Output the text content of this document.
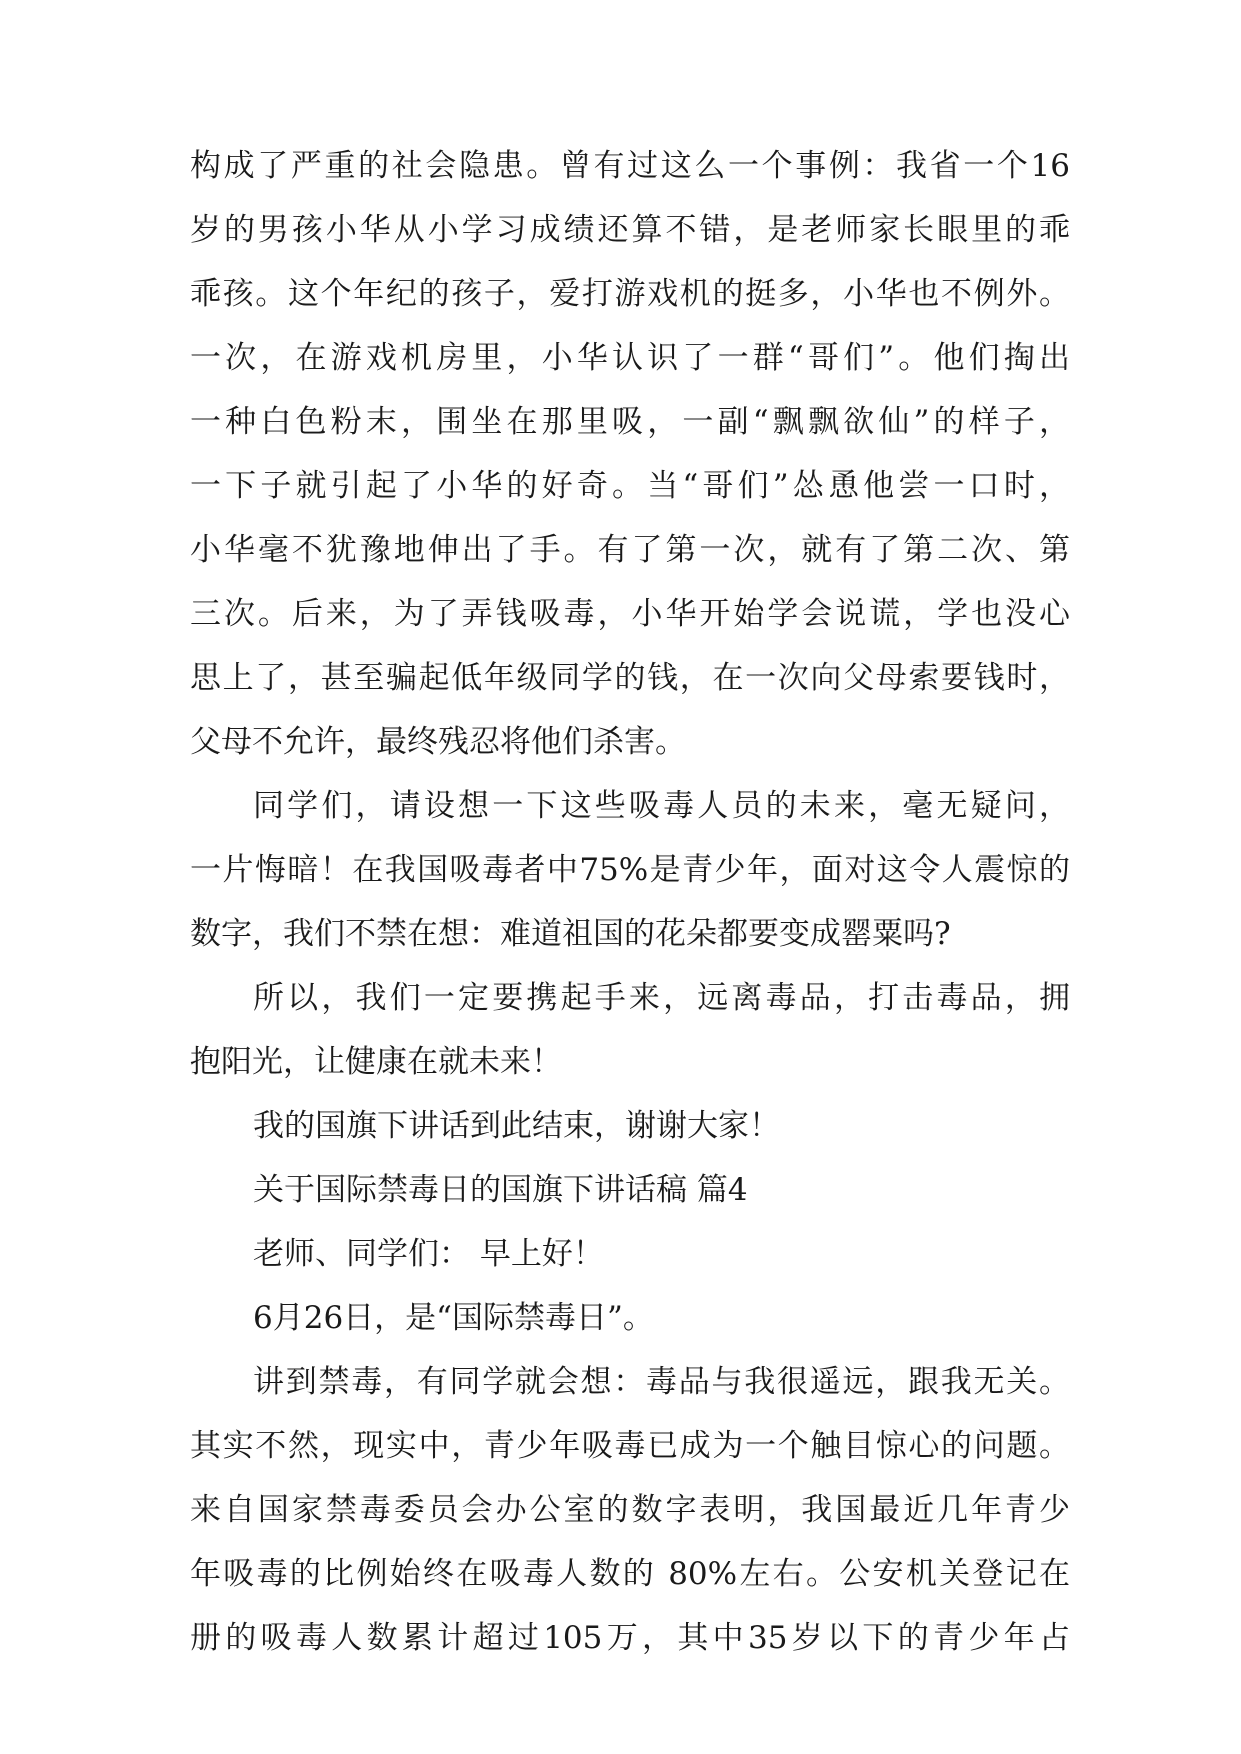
构成了严重的社会隐患。曾有过这么一个事例：我省一个16
岁的男孩小华从小学习成绩还算不错，是老师家长眼里的乖
乖孩。这个年纪的孩子，爱打游戏机的挺多，小华也不例外。
一次，在游戏机房里，小华认识了一群“哥们”。他们掏出
一种白色粉末，围坐在那里吸，一副“飘飘欲仙”的样子，
一下子就引起了小华的好奇。当“哥们”怂恿他尝一口时，
小华毫不犹豫地伸出了手。有了第一次，就有了第二次、第
三次。后来，为了弄钱吸毒，小华开始学会说谎，学也没心
思上了，甚至骗起低年级同学的钱，在一次向父母索要钱时，
父母不允许，最终残忍将他们杀害。
同学们，请设想一下这些吸毒人员的未来，毫无疑问，
一片悔暗！在我国吸毒者中75%是青少年，面对这令人震惊的
数字，我们不禁在想：难道祖国的花朵都要变成罂粟吗?
所以，我们一定要携起手来，远离毒品，打击毒品，拥
抱阳光，让健康在就未来！
我的国旗下讲话到此结束，谢谢大家！
关于国际禁毒日的国旗下讲话稿 篇4
老师、同学们： 早上好！
6月26日，是“国际禁毒日”。
讲到禁毒，有同学就会想：毒品与我很遥远，跟我无关。
其实不然，现实中，青少年吸毒已成为一个触目惊心的问题。
来自国家禁毒委员会办公室的数字表明，我国最近几年青少
年吸毒的比例始终在吸毒人数的 80%左右。公安机关登记在
册的吸毒人数累计超过105万，其中35岁以下的青少年占
